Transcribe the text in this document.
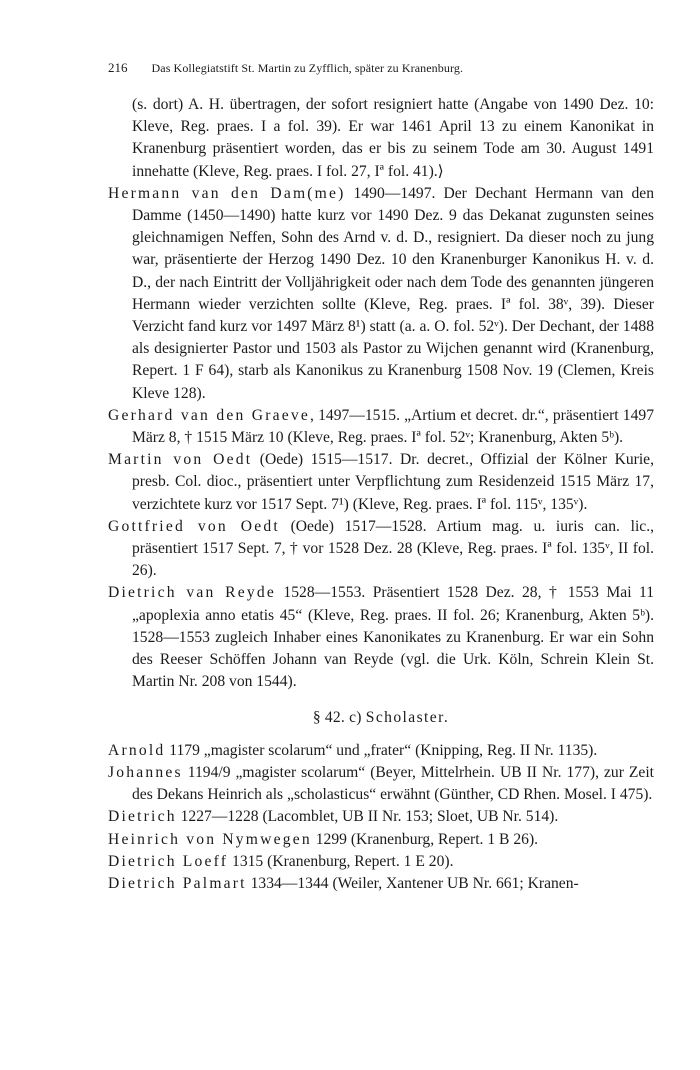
216 Das Kollegiatstift St. Martin zu Zyfflich, später zu Kranenburg.

(s. dort) A. H. übertragen, der sofort resigniert hatte (Angabe von 1490 Dez. 10: Kleve, Reg. praes. I a fol. 39). Er war 1461 April 13 zu einem Kanonikat in Kranenburg präsentiert worden, das er bis zu seinem Tode am 30. August 1491 innehatte (Kleve, Reg. praes. I fol. 27, Iª fol. 41).⟩

Hermann van den Dam(me) 1490—1497. Der Dechant Hermann van den Damme (1450—1490) hatte kurz vor 1490 Dez. 9 das Dekanat zugunsten seines gleichnamigen Neffen, Sohn des Arnd v. d. D., resigniert. Da dieser noch zu jung war, präsentierte der Herzog 1490 Dez. 10 den Kranenburger Kanonikus H. v. d. D., der nach Eintritt der Volljährigkeit oder nach dem Tode des genannten jüngeren Hermann wieder verzichten sollte (Kleve, Reg. praes. Iª fol. 38ᵛ, 39). Dieser Verzicht fand kurz vor 1497 März 8¹) statt (a. a. O. fol. 52ᵛ). Der Dechant, der 1488 als designierter Pastor und 1503 als Pastor zu Wijchen genannt wird (Kranenburg, Repert. 1 F 64), starb als Kanonikus zu Kranenburg 1508 Nov. 19 (Clemen, Kreis Kleve 128).

Gerhard van den Graeve, 1497—1515. „Artium et decret. dr.“, präsentiert 1497 März 8, † 1515 März 10 (Kleve, Reg. praes. Iª fol. 52ᵛ; Kranenburg, Akten 5ᵇ).

Martin von Oedt (Oede) 1515—1517. Dr. decret., Offizial der Kölner Kurie, presb. Col. dioc., präsentiert unter Verpflichtung zum Residenzeid 1515 März 17, verzichtete kurz vor 1517 Sept. 7¹) (Kleve, Reg. praes. Iª fol. 115ᵛ, 135ᵛ).

Gottfried von Oedt (Oede) 1517—1528. Artium mag. u. iuris can. lic., präsentiert 1517 Sept. 7, † vor 1528 Dez. 28 (Kleve, Reg. praes. Iª fol. 135ᵛ, II fol. 26).

Dietrich van Reyde 1528—1553. Präsentiert 1528 Dez. 28, † 1553 Mai 11 „apoplexia anno etatis 45“ (Kleve, Reg. praes. II fol. 26; Kranenburg, Akten 5ᵇ). 1528—1553 zugleich Inhaber eines Kanonikates zu Kranenburg. Er war ein Sohn des Reeser Schöffen Johann van Reyde (vgl. die Urk. Köln, Schrein Klein St. Martin Nr. 208 von 1544).

§ 42. c) Scholaster.

Arnold 1179 „magister scolarum“ und „frater“ (Knipping, Reg. II Nr. 1135).

Johannes 1194/9 „magister scolarum“ (Beyer, Mittelrhein. UB II Nr. 177), zur Zeit des Dekans Heinrich als „scholasticus“ erwähnt (Günther, CD Rhen. Mosel. I 475).

Dietrich 1227—1228 (Lacomblet, UB II Nr. 153; Sloet, UB Nr. 514).

Heinrich von Nymwegen 1299 (Kranenburg, Repert. 1 B 26).

Dietrich Loeff 1315 (Kranenburg, Repert. 1 E 20).

Dietrich Palmart 1334—1344 (Weiler, Xantener UB Nr. 661; Kranen-
